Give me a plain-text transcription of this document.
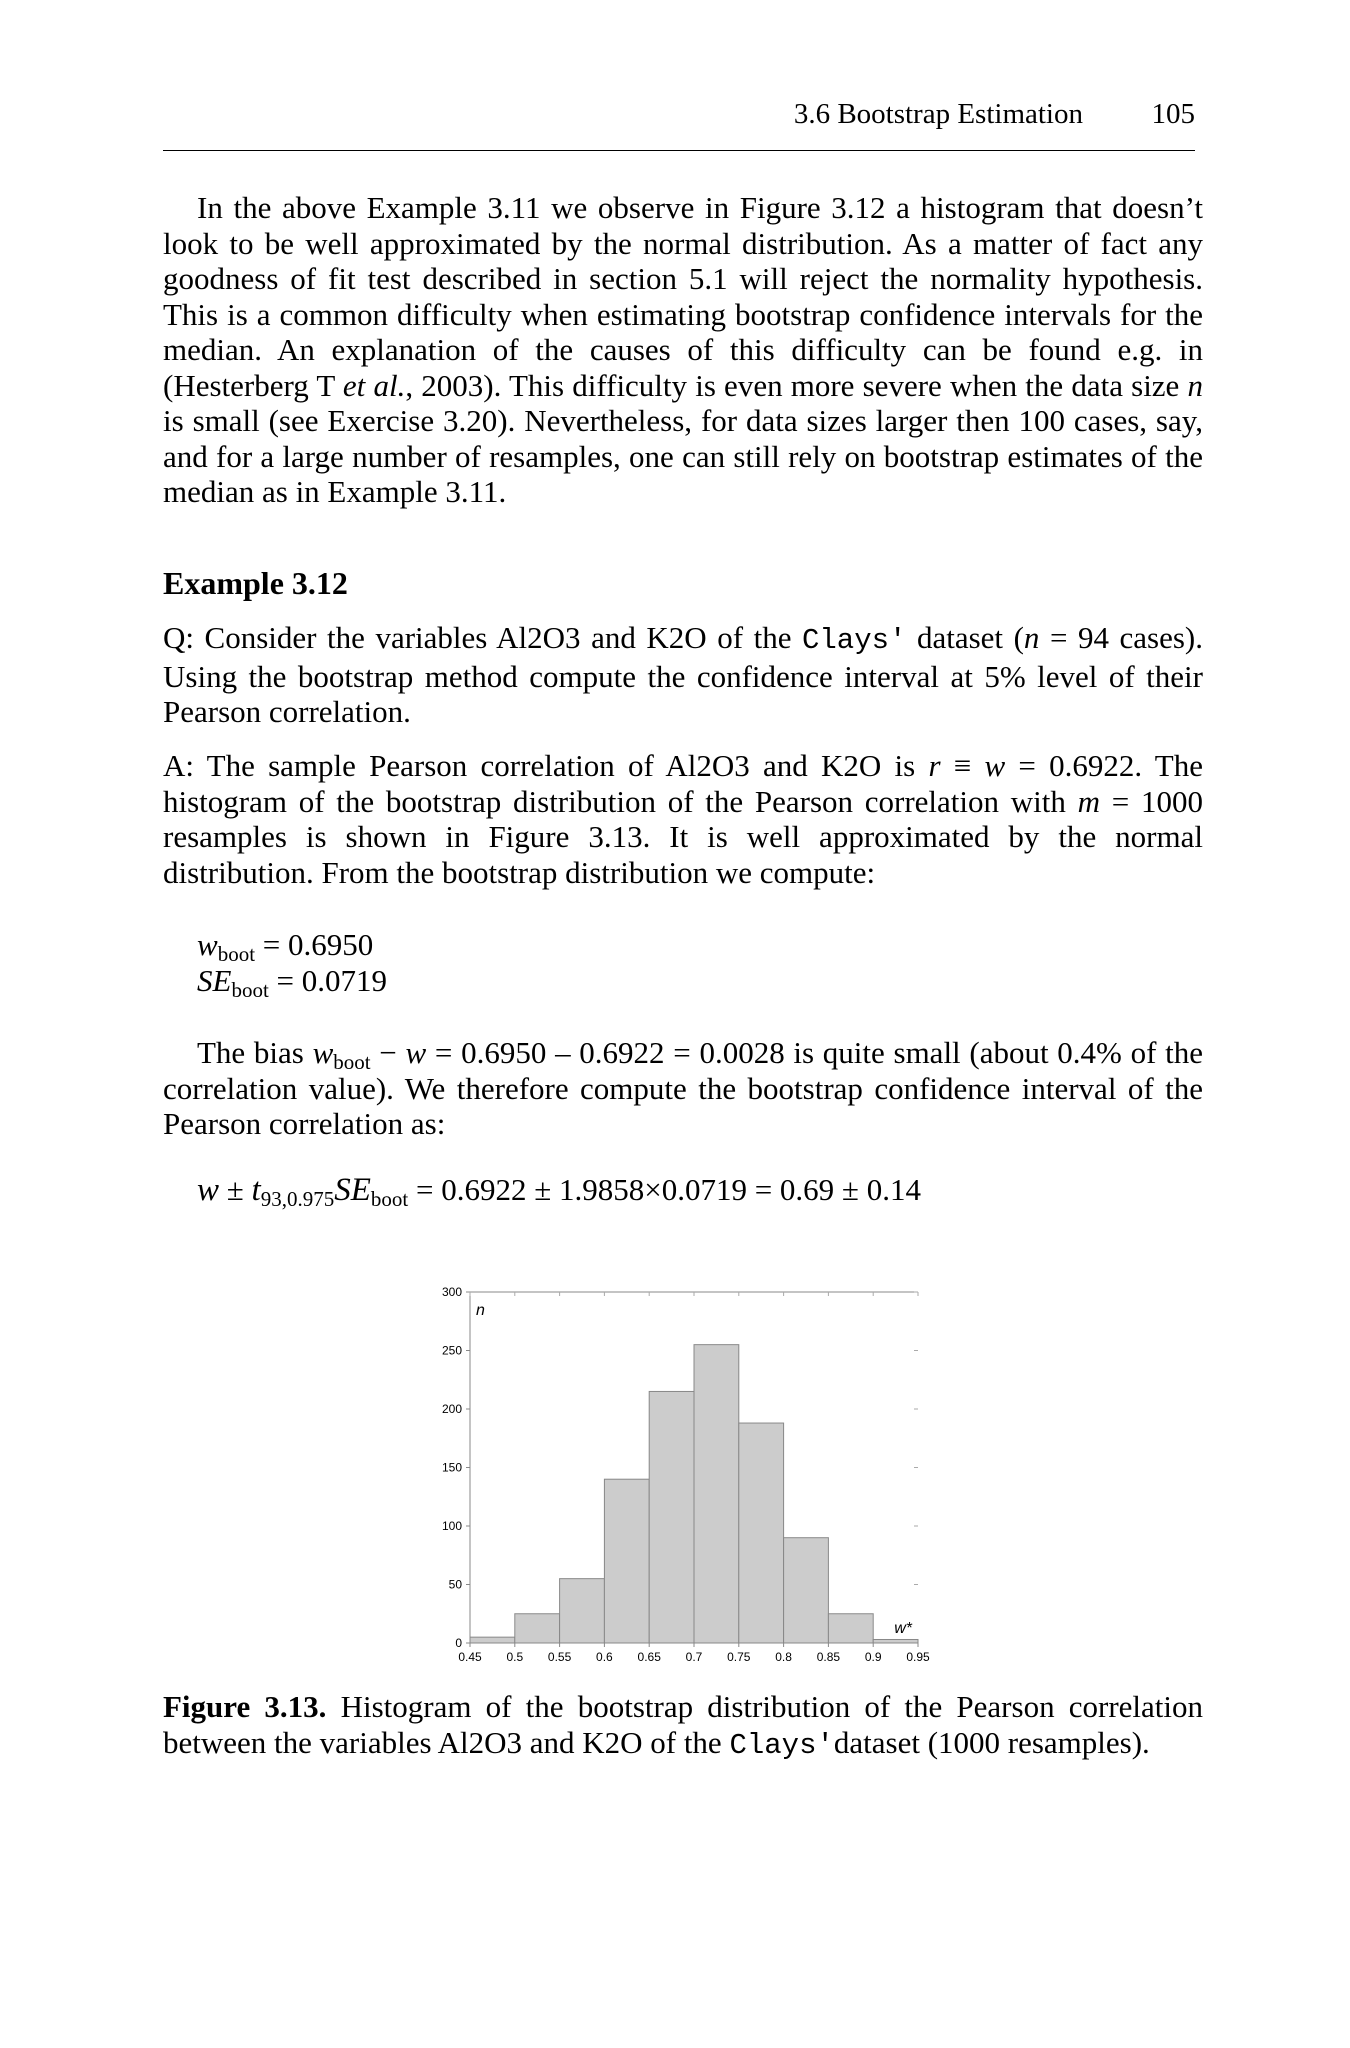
3.6 Bootstrap Estimation 105

In the above Example 3.11 we observe in Figure 3.12 a histogram that doesn’t look to be well approximated by the normal distribution. As a matter of fact any goodness of fit test described in section 5.1 will reject the normality hypothesis. This is a common difficulty when estimating bootstrap confidence intervals for the median. An explanation of the causes of this difficulty can be found e.g. in (Hesterberg T et al., 2003). This difficulty is even more severe when the data size n is small (see Exercise 3.20). Nevertheless, for data sizes larger then 100 cases, say, and for a large number of resamples, one can still rely on bootstrap estimates of the median as in Example 3.11.

Example 3.12

Q: Consider the variables Al2O3 and K2O of the Clays' dataset (n = 94 cases). Using the bootstrap method compute the confidence interval at 5% level of their Pearson correlation.

A: The sample Pearson correlation of Al2O3 and K2O is r ≡ w = 0.6922. The histogram of the bootstrap distribution of the Pearson correlation with m = 1000 resamples is shown in Figure 3.13. It is well approximated by the normal distribution. From the bootstrap distribution we compute:

$w_{boot} = 0.6950$
$SE_{boot} = 0.0719$

The bias $w_{boot} - w = 0.6950 - 0.6922 = 0.0028$ is quite small (about 0.4% of the correlation value). We therefore compute the bootstrap confidence interval of the Pearson correlation as:

$w \pm t_{93,0.975}SE_{boot} = 0.6922 \pm 1.9858\times 0.0719 = 0.69 \pm 0.14$
0
50
100
150
200
250
300
0.45 0.5 0.55 0.6 0.65 0.7 0.75 0.8 0.85 0.9 0.95
n
w*

Figure 3.13. Histogram of the bootstrap distribution of the Pearson correlation between the variables Al2O3 and K2O of the Clays'dataset (1000 resamples).
